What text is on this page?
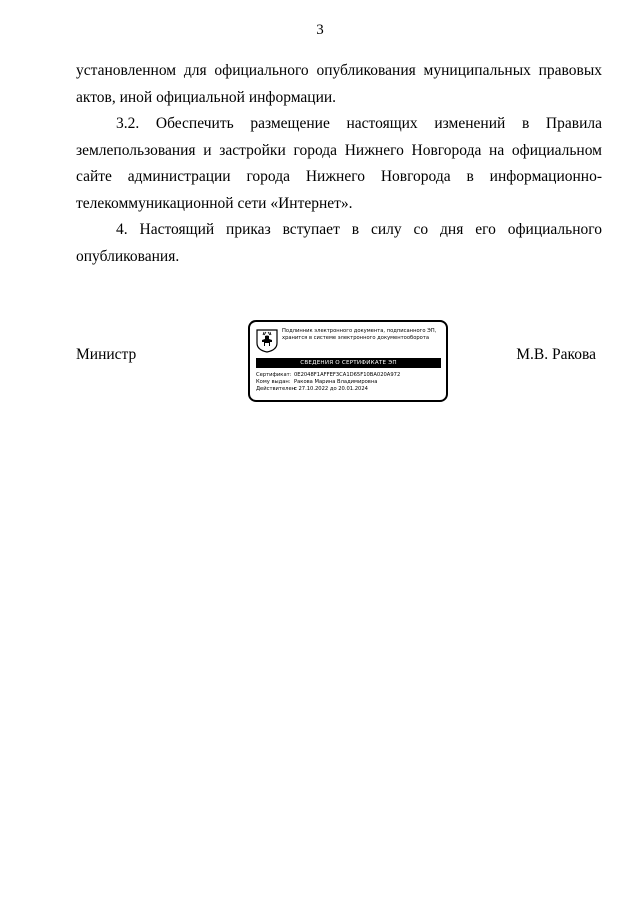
3

установленном для официального опубликования муниципальных правовых актов, иной официальной информации.

3.2. Обеспечить размещение настоящих изменений в Правила землепользования и застройки города Нижнего Новгорода на официальном сайте администрации города Нижнего Новгорода в информационно-телекоммуникационной сети «Интернет».

4. Настоящий приказ вступает в силу со дня его официального опубликования.

Министр
Подлинник электронного документа, подписанного ЭП,
хранится в системе электронного документооборота
СВЕДЕНИЯ О СЕРТИФИКАТЕ ЭП
Сертификат: 0E2048F1AFFEF3CA1D65F10BA020A972
Кому выдан: Ракова Марина Владимировна
Действителен:с 27.10.2022 до 20.01.2024
М.В. Ракова
